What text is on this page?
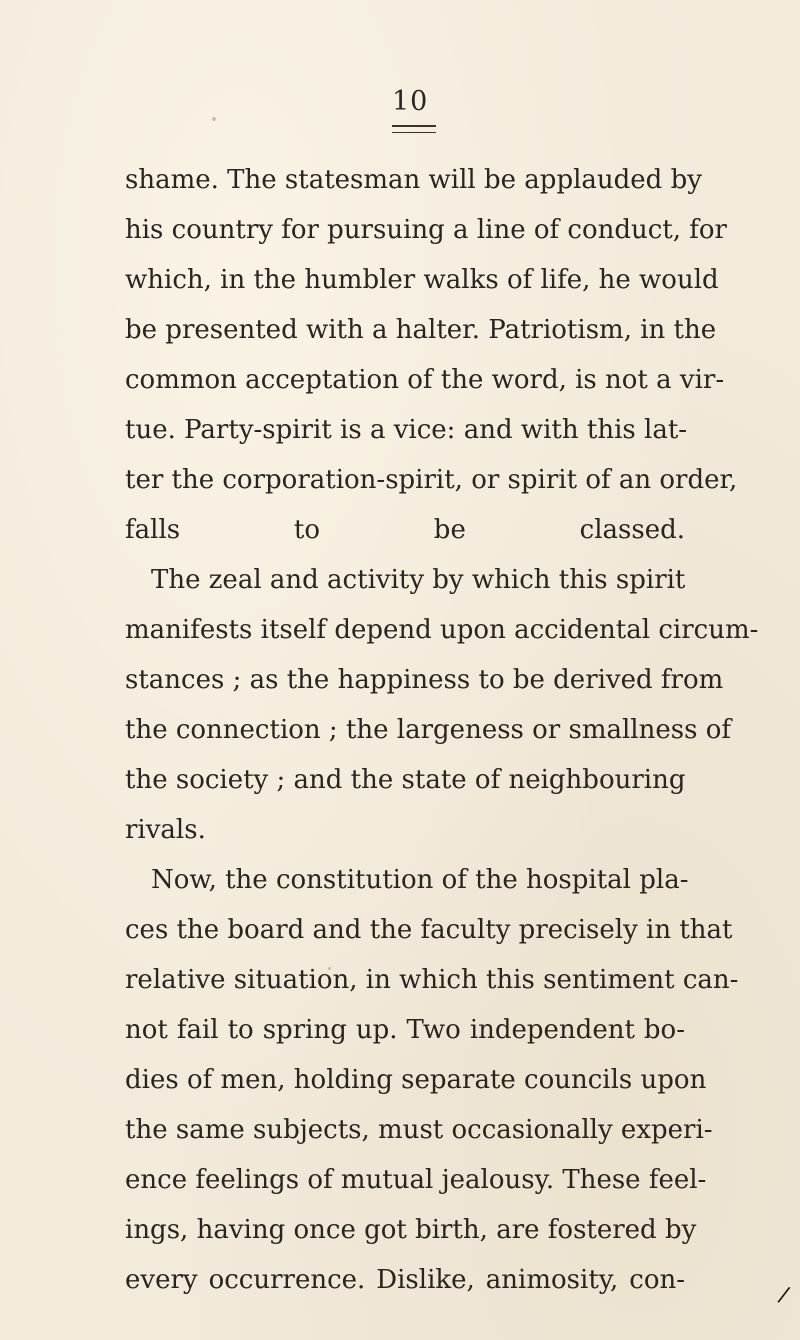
10
shame. The statesman will be applauded by
his country for pursuing a line of conduct, for
which, in the humbler walks of life, he would
be presented with a halter. Patriotism, in the
common acceptation of the word, is not a vir-
tue. Party-spirit is a vice: and with this lat-
ter the corporation-spirit, or spirit of an order,
falls to be classed.
The zeal and activity by which this spirit
manifests itself depend upon accidental circum-
stances ; as the happiness to be derived from
the connection ; the largeness or smallness of
the society ; and the state of neighbouring
rivals.
Now, the constitution of the hospital pla-
ces the board and the faculty precisely in that
relative situation, in which this sentiment can-
not fail to spring up. Two independent bo-
dies of men, holding separate councils upon
the same subjects, must occasionally experi-
ence feelings of mutual jealousy. These feel-
ings, having once got birth, are fostered by
every occurrence. Dislike, animosity, con-
/
